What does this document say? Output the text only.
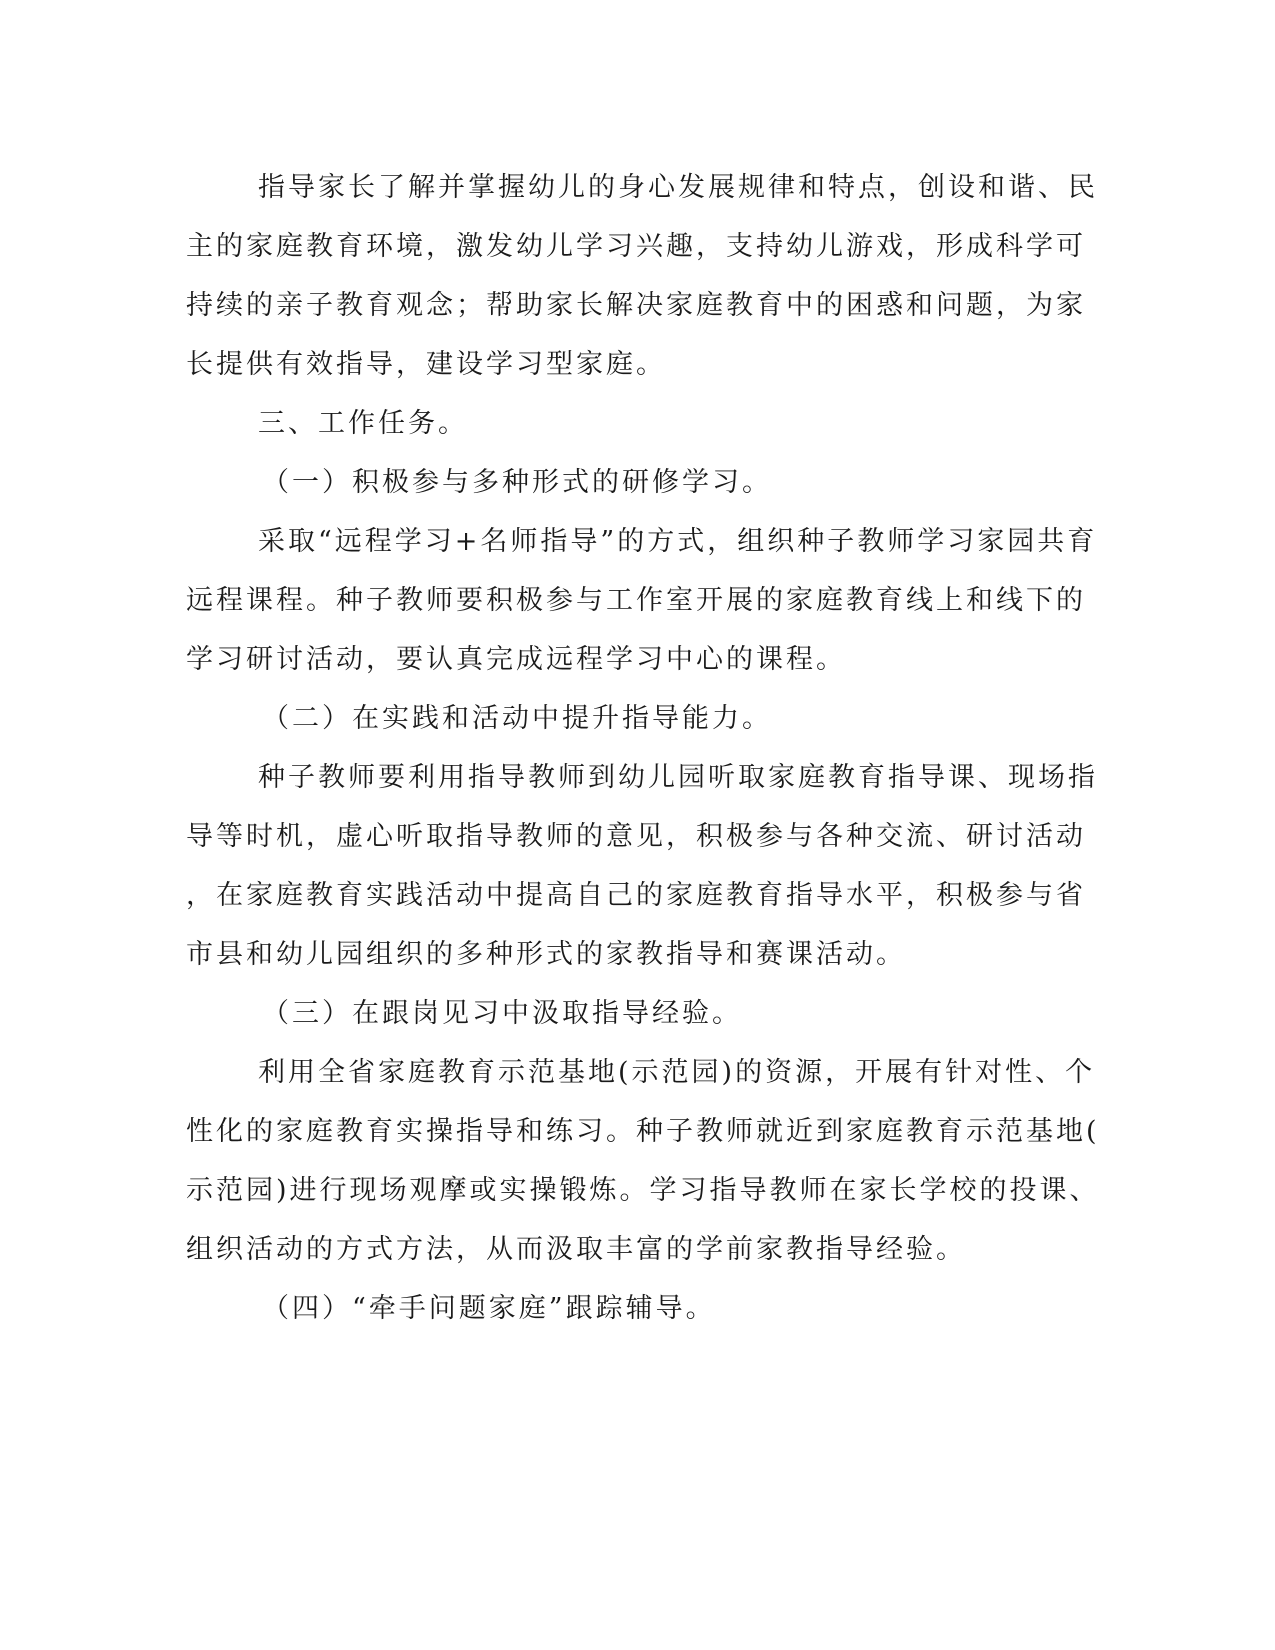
指导家长了解并掌握幼儿的身心发展规律和特点，创设和谐、民
主的家庭教育环境，激发幼儿学习兴趣，支持幼儿游戏，形成科学可
持续的亲子教育观念；帮助家长解决家庭教育中的困惑和问题，为家
长提供有效指导，建设学习型家庭。
三、工作任务。
（一）积极参与多种形式的研修学习。
采取“远程学习+名师指导”的方式，组织种子教师学习家园共育
远程课程。种子教师要积极参与工作室开展的家庭教育线上和线下的
学习研讨活动，要认真完成远程学习中心的课程。
（二）在实践和活动中提升指导能力。
种子教师要利用指导教师到幼儿园听取家庭教育指导课、现场指
导等时机，虚心听取指导教师的意见，积极参与各种交流、研讨活动
，在家庭教育实践活动中提高自己的家庭教育指导水平，积极参与省
市县和幼儿园组织的多种形式的家教指导和赛课活动。
（三）在跟岗见习中汲取指导经验。
利用全省家庭教育示范基地(示范园)的资源，开展有针对性、个
性化的家庭教育实操指导和练习。种子教师就近到家庭教育示范基地(
示范园)进行现场观摩或实操锻炼。学习指导教师在家长学校的投课、
组织活动的方式方法，从而汲取丰富的学前家教指导经验。
（四）“牵手问题家庭”跟踪辅导。
